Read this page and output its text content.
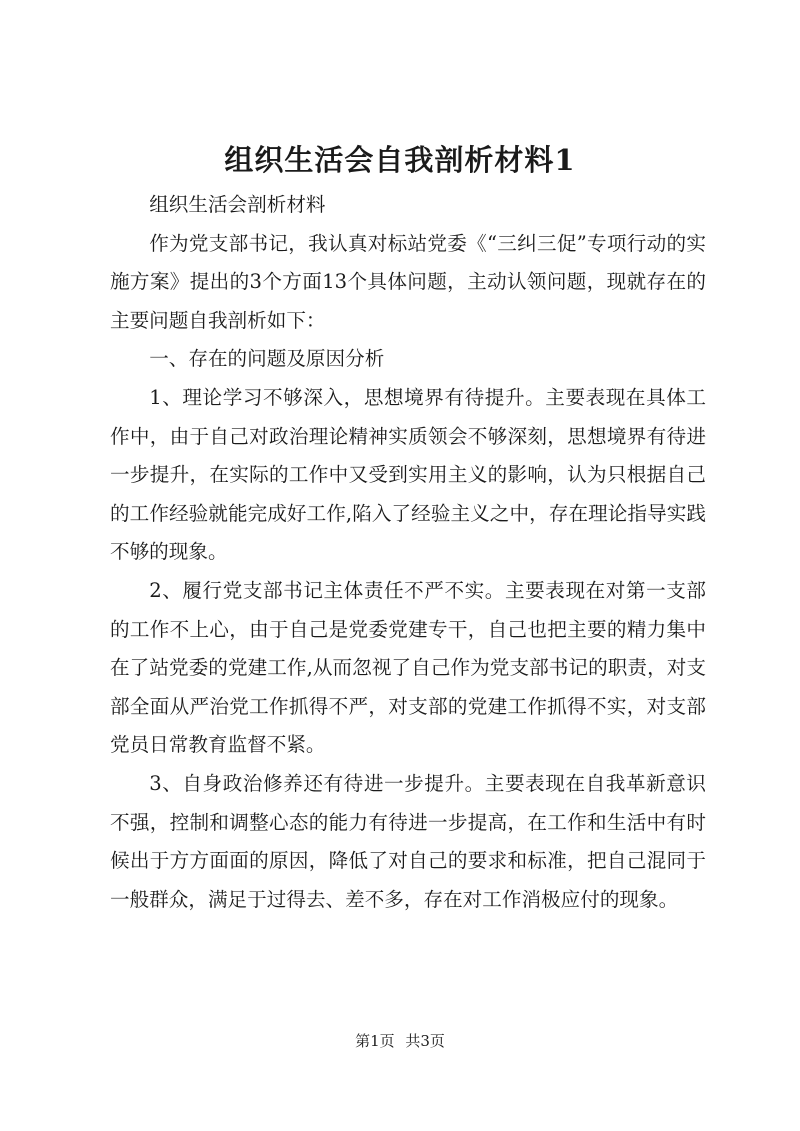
组织生活会自我剖析材料1

组织生活会剖析材料

作为党支部书记，我认真对标站党委《“三纠三促”专项行动的实施方案》提出的3个方面13个具体问题，主动认领问题，现就存在的主要问题自我剖析如下：

一、存在的问题及原因分析

1、理论学习不够深入，思想境界有待提升。主要表现在具体工作中，由于自己对政治理论精神实质领会不够深刻，思想境界有待进一步提升，在实际的工作中又受到实用主义的影响，认为只根据自己的工作经验就能完成好工作,陷入了经验主义之中，存在理论指导实践不够的现象。

2、履行党支部书记主体责任不严不实。主要表现在对第一支部的工作不上心，由于自己是党委党建专干，自己也把主要的精力集中在了站党委的党建工作,从而忽视了自己作为党支部书记的职责，对支部全面从严治党工作抓得不严，对支部的党建工作抓得不实，对支部党员日常教育监督不紧。

3、自身政治修养还有待进一步提升。主要表现在自我革新意识不强，控制和调整心态的能力有待进一步提高，在工作和生活中有时候出于方方面面的原因，降低了对自己的要求和标准，把自己混同于一般群众，满足于过得去、差不多，存在对工作消极应付的现象。

第1页 共3页
